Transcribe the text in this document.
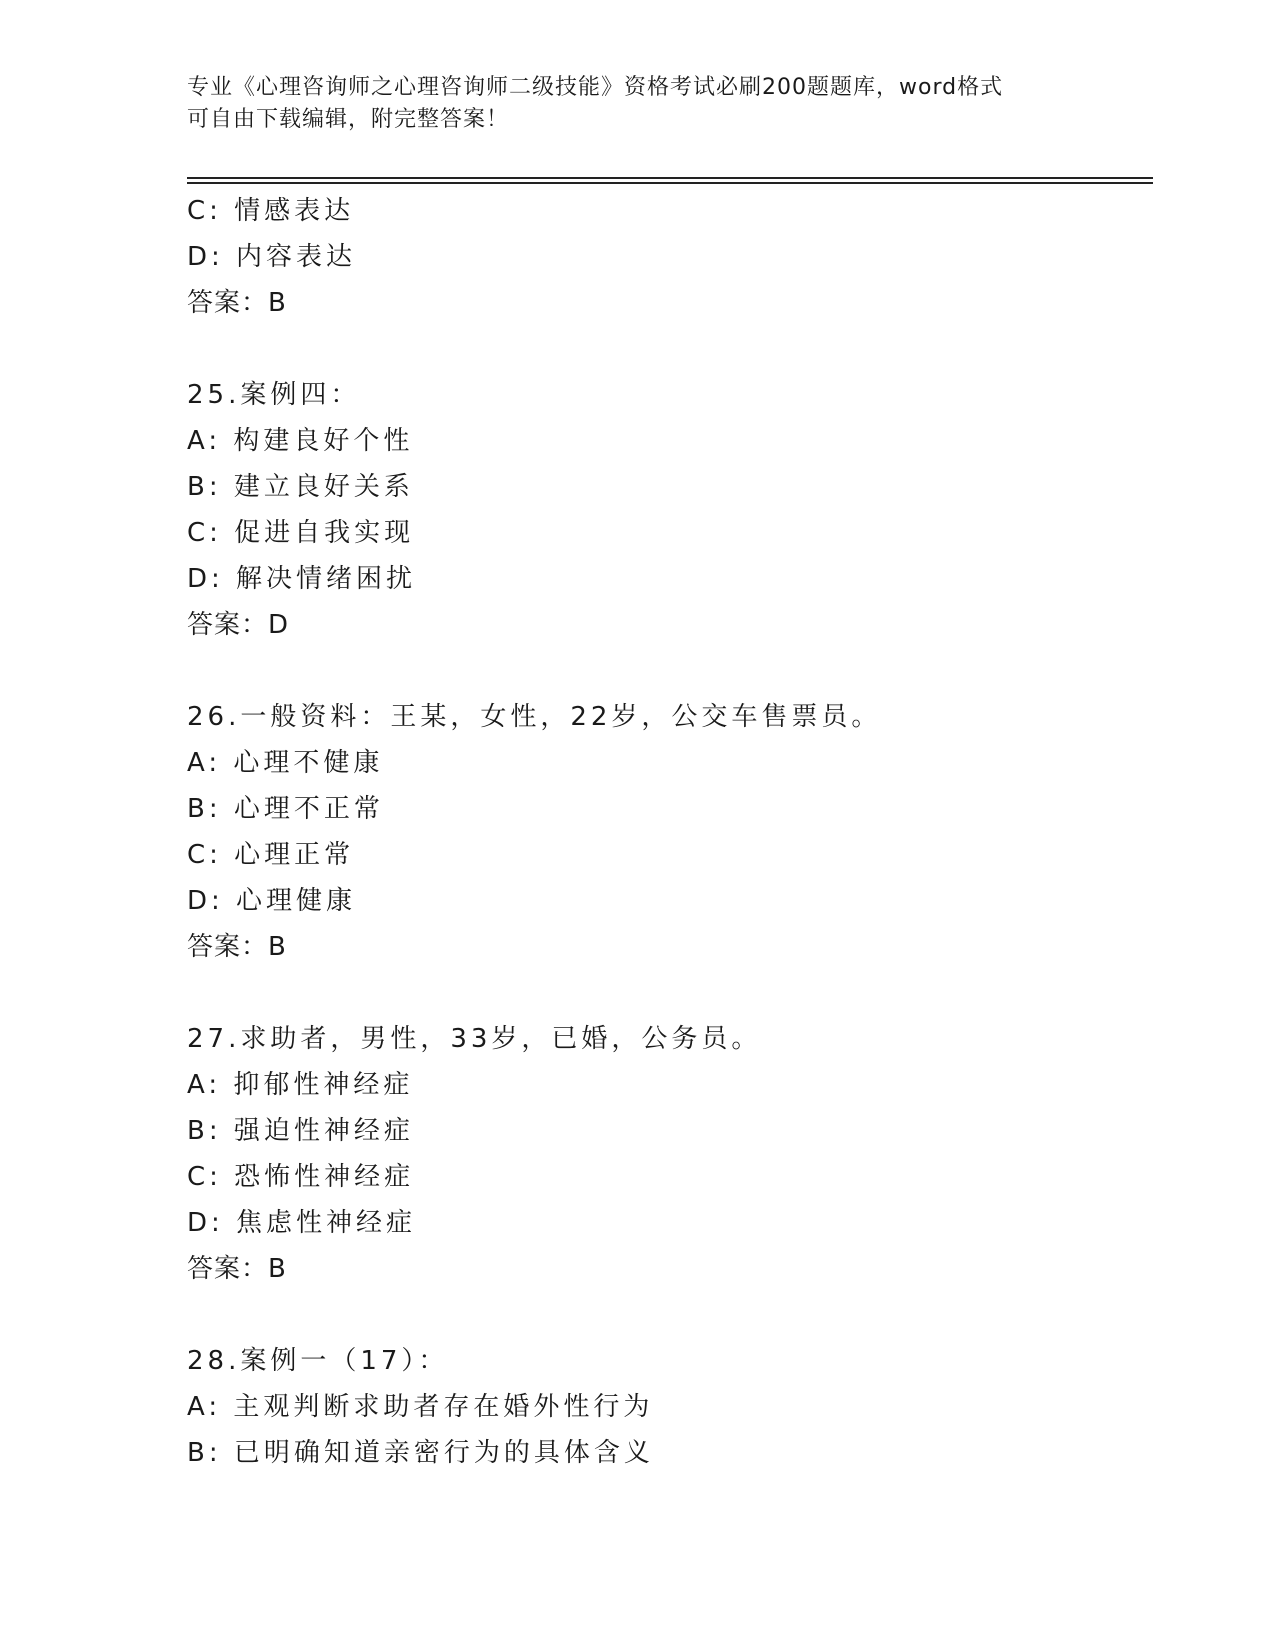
专业《心理咨询师之心理咨询师二级技能》资格考试必刷200题题库，word格式
可自由下载编辑，附完整答案！
C: 情感表达
D: 内容表达
答案：B
25.案例四：
A: 构建良好个性
B: 建立良好关系
C: 促进自我实现
D: 解决情绪困扰
答案：D
26.一般资料：王某，女性，22岁，公交车售票员。
A: 心理不健康
B: 心理不正常
C: 心理正常
D: 心理健康
答案：B
27.求助者，男性，33岁，已婚，公务员。
A: 抑郁性神经症
B: 强迫性神经症
C: 恐怖性神经症
D: 焦虑性神经症
答案：B
28.案例一（17）：
A: 主观判断求助者存在婚外性行为
B: 已明确知道亲密行为的具体含义
